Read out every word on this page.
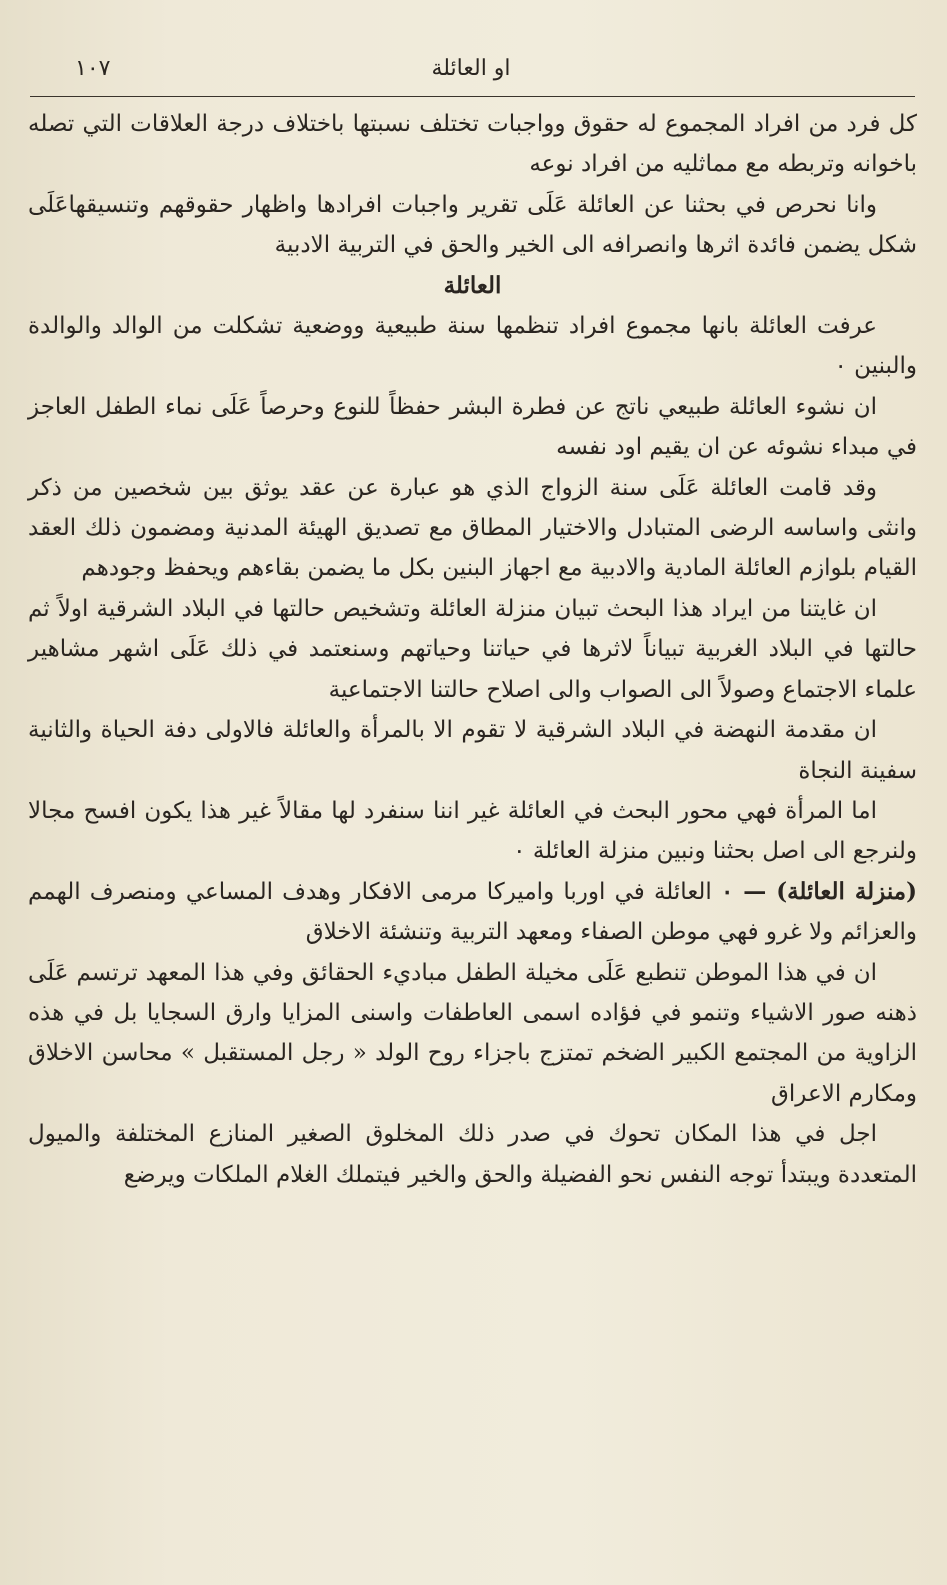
او العائلة
١٠٧

كل فرد من افراد المجموع له حقوق وواجبات تختلف نسبتها باختلاف درجة العلاقات التي تصله باخوانه وتربطه مع مماثليه من افراد نوعه

وانا نحرص في بحثنا عن العائلة عَلَى تقرير واجبات افرادها واظهار حقوقهم وتنسيقهاعَلَى شكل يضمن فائدة اثرها وانصرافه الى الخير والحق في التربية الادبية

العائلة

عرفت العائلة بانها مجموع افراد تنظمها سنة طبيعية ووضعية تشكلت من الوالد والوالدة والبنين ٠

ان نشوء العائلة طبيعي ناتج عن فطرة البشر حفظاً للنوع وحرصاً عَلَى نماء الطفل العاجز في مبداء نشوئه عن ان يقيم اود نفسه

وقد قامت العائلة عَلَى سنة الزواج الذي هو عبارة عن عقد يوثق بين شخصين من ذكر وانثى واساسه الرضى المتبادل والاختيار المطاق مع تصديق الهيئة المدنية ومضمون ذلك العقد القيام بلوازم العائلة المادية والادبية مع اجهاز البنين بكل ما يضمن بقاءهم ويحفظ وجودهم

ان غايتنا من ايراد هذا البحث تبيان منزلة العائلة وتشخيص حالتها في البلاد الشرقية اولاً ثم حالتها في البلاد الغربية تبياناً لاثرها في حياتنا وحياتهم وسنعتمد في ذلك عَلَى اشهر مشاهير علماء الاجتماع وصولاً الى الصواب والى اصلاح حالتنا الاجتماعية

ان مقدمة النهضة في البلاد الشرقية لا تقوم الا بالمرأة والعائلة فالاولى دفة الحياة والثانية سفينة النجاة

اما المرأة فهي محور البحث في العائلة غير اننا سنفرد لها مقالاً غير هذا يكون افسح مجالا ولنرجع الى اصل بحثنا ونبين منزلة العائلة ٠

(منزلة العائلة) — ٠ العائلة في اوربا واميركا مرمى الافكار وهدف المساعي ومنصرف الهمم والعزائم ولا غرو فهي موطن الصفاء ومعهد التربية وتنشئة الاخلاق

ان في هذا الموطن تنطبع عَلَى مخيلة الطفل مباديء الحقائق وفي هذا المعهد ترتسم عَلَى ذهنه صور الاشياء وتنمو في فؤاده اسمى العاطفات واسنى المزايا وارق السجايا بل في هذه الزاوية من المجتمع الكبير الضخم تمتزج باجزاء روح الولد « رجل المستقبل » محاسن الاخلاق ومكارم الاعراق

اجل في هذا المكان تحوك في صدر ذلك المخلوق الصغير المنازع المختلفة والميول المتعددة ويبتدأ توجه النفس نحو الفضيلة والحق والخير فيتملك الغلام الملكات ويرضع
